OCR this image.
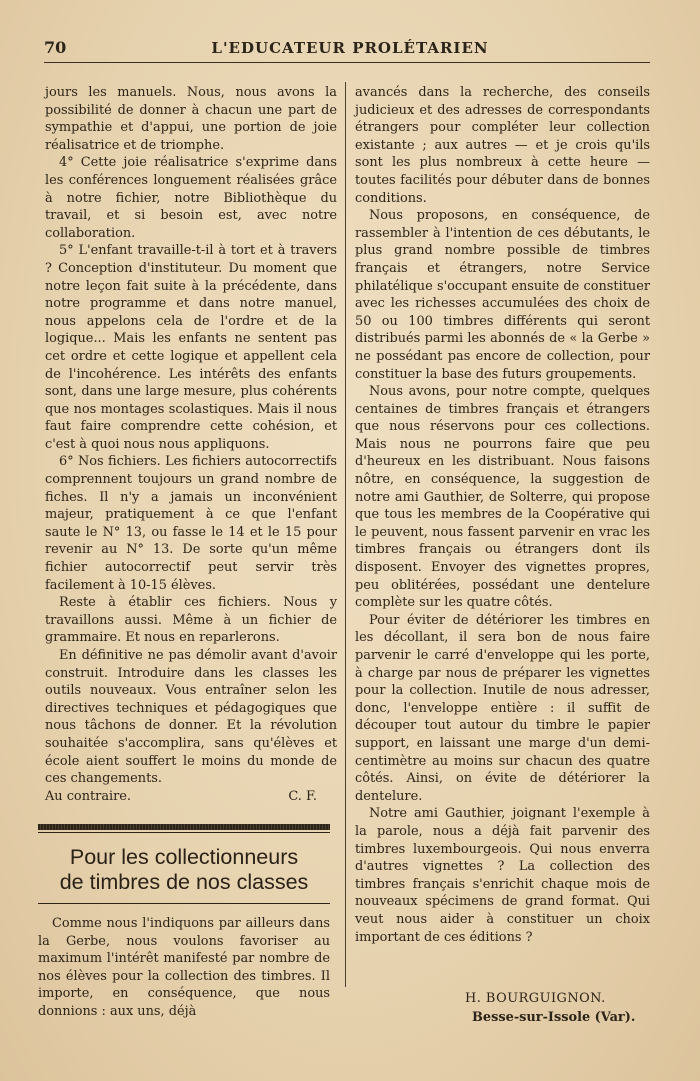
70	L'EDUCATEUR PROLÉTARIEN

jours les manuels. Nous, nous avons la possibilité de donner à chacun une part de sympathie et d'appui, une portion de joie réalisatrice et de triomphe.

4° Cette joie réalisatrice s'exprime dans les conférences longuement réalisées grâce à notre fichier, notre Bibliothèque du travail, et si besoin est, avec notre collaboration.

5° L'enfant travaille-t-il à tort et à travers ? Conception d'instituteur. Du moment que notre leçon fait suite à la précédente, dans notre programme et dans notre manuel, nous appelons cela de l'ordre et de la logique... Mais les enfants ne sentent pas cet ordre et cette logique et appellent cela de l'incohérence. Les intérêts des enfants sont, dans une large mesure, plus cohérents que nos montages scolastiques. Mais il nous faut faire comprendre cette cohésion, et c'est à quoi nous nous appliquons.

6° Nos fichiers. Les fichiers autocorrectifs comprennent toujours un grand nombre de fiches. Il n'y a jamais un inconvénient majeur, pratiquement à ce que l'enfant saute le N° 13, ou fasse le 14 et le 15 pour revenir au N° 13. De sorte qu'un même fichier autocorrectif peut servir très facilement à 10-15 élèves.

Reste à établir ces fichiers. Nous y travaillons aussi. Même à un fichier de grammaire. Et nous en reparlerons.

En définitive ne pas démolir avant d'avoir construit. Introduire dans les classes les outils nouveaux. Vous entraîner selon les directives techniques et pédagogiques que nous tâchons de donner. Et la révolution souhaitée s'accomplira, sans qu'élèves et école aient souffert le moins du monde de ces changements.

Au contraire.	C. F.
Pour les collectionneurs
de timbres de nos classes

Comme nous l'indiquons par ailleurs dans la Gerbe, nous voulons favoriser au maximum l'intérêt manifesté par nombre de nos élèves pour la collection des timbres. Il importe, en conséquence, que nous donnions : aux uns, déjà

avancés dans la recherche, des conseils judicieux et des adresses de correspondants étrangers pour compléter leur collection existante ; aux autres — et je crois qu'ils sont les plus nombreux à cette heure — toutes facilités pour débuter dans de bonnes conditions.

Nous proposons, en conséquence, de rassembler à l'intention de ces débutants, le plus grand nombre possible de timbres français et étrangers, notre Service philatélique s'occupant ensuite de constituer avec les richesses accumulées des choix de 50 ou 100 timbres différents qui seront distribués parmi les abonnés de « la Gerbe » ne possédant pas encore de collection, pour constituer la base des futurs groupements.

Nous avons, pour notre compte, quelques centaines de timbres français et étrangers que nous réservons pour ces collections. Mais nous ne pourrons faire que peu d'heureux en les distribuant. Nous faisons nôtre, en conséquence, la suggestion de notre ami Gauthier, de Solterre, qui propose que tous les membres de la Coopérative qui le peuvent, nous fassent parvenir en vrac les timbres français ou étrangers dont ils disposent. Envoyer des vignettes propres, peu oblitérées, possédant une dentelure complète sur les quatre côtés.

Pour éviter de détériorer les timbres en les décollant, il sera bon de nous faire parvenir le carré d'enveloppe qui les porte, à charge par nous de préparer les vignettes pour la collection. Inutile de nous adresser, donc, l'enveloppe entière : il suffit de découper tout autour du timbre le papier support, en laissant une marge d'un demi-centimètre au moins sur chacun des quatre côtés. Ainsi, on évite de détériorer la dentelure.

Notre ami Gauthier, joignant l'exemple à la parole, nous a déjà fait parvenir des timbres luxembourgeois. Qui nous enverra d'autres vignettes ? La collection des timbres français s'enrichit chaque mois de nouveaux spécimens de grand format. Qui veut nous aider à constituer un choix important de ces éditions ?

H. BOURGUIGNON.
Besse-sur-Issole (Var).
